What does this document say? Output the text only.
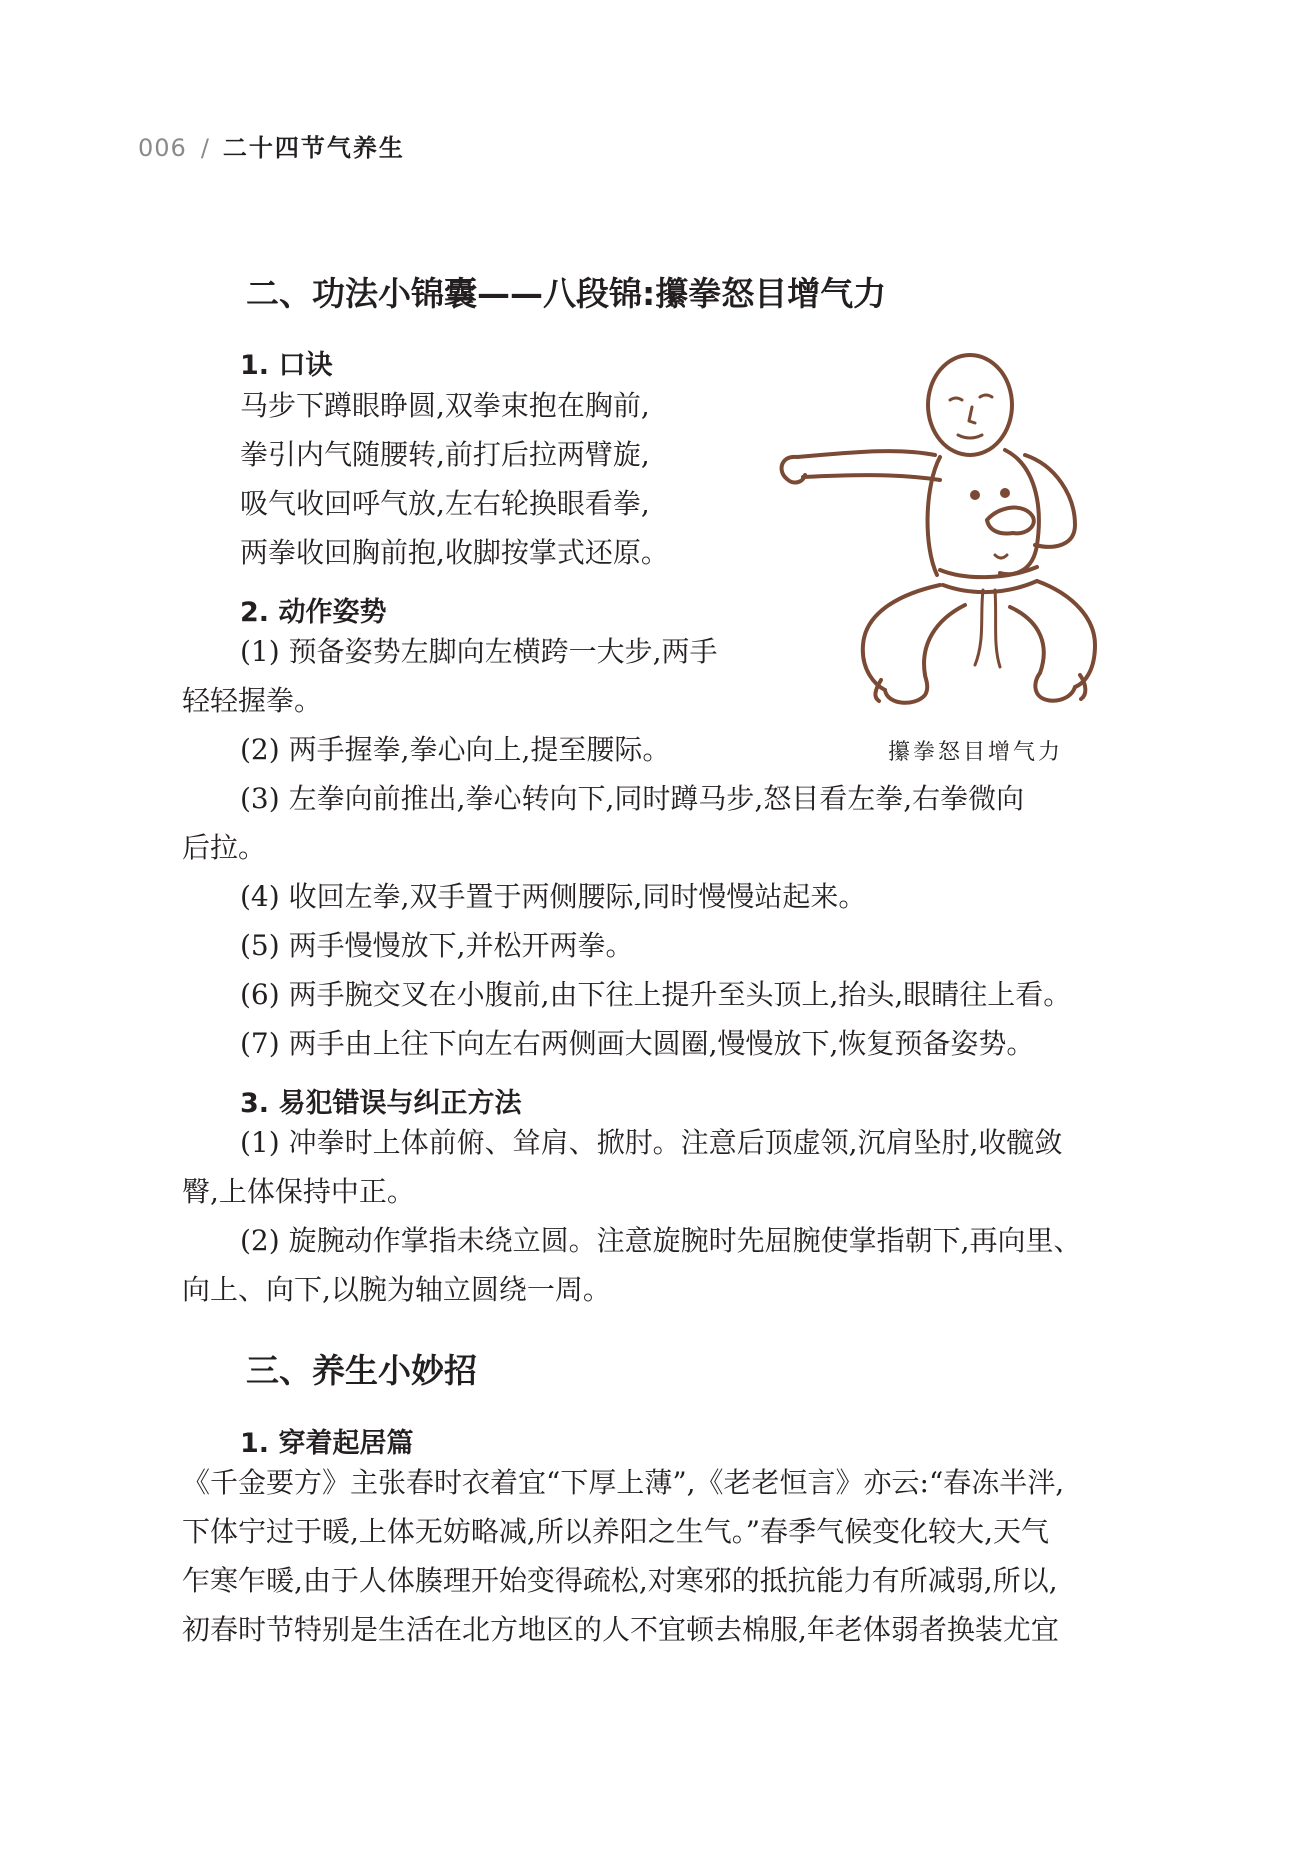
006 / 二十四节气养生
二、功法小锦囊——八段锦:攥拳怒目增气力
1. 口诀
马步下蹲眼睁圆,双拳束抱在胸前,
拳引内气随腰转,前打后拉两臂旋,
吸气收回呼气放,左右轮换眼看拳,
两拳收回胸前抱,收脚按掌式还原。
2. 动作姿势
(1) 预备姿势左脚向左横跨一大步,两手
轻轻握拳。
(2) 两手握拳,拳心向上,提至腰际。
(3) 左拳向前推出,拳心转向下,同时蹲马步,怒目看左拳,右拳微向
后拉。
(4) 收回左拳,双手置于两侧腰际,同时慢慢站起来。
(5) 两手慢慢放下,并松开两拳。
(6) 两手腕交叉在小腹前,由下往上提升至头顶上,抬头,眼睛往上看。
(7) 两手由上往下向左右两侧画大圆圈,慢慢放下,恢复预备姿势。
3. 易犯错误与纠正方法
(1) 冲拳时上体前俯、耸肩、掀肘。注意后顶虚领,沉肩坠肘,收髋敛
臀,上体保持中正。
(2) 旋腕动作掌指未绕立圆。注意旋腕时先屈腕使掌指朝下,再向里、
向上、向下,以腕为轴立圆绕一周。
三、养生小妙招
1. 穿着起居篇
《千金要方》主张春时衣着宜“下厚上薄”,《老老恒言》亦云:“春冻半泮,
下体宁过于暖,上体无妨略减,所以养阳之生气。”春季气候变化较大,天气
乍寒乍暖,由于人体腠理开始变得疏松,对寒邪的抵抗能力有所减弱,所以,
初春时节特别是生活在北方地区的人不宜顿去棉服,年老体弱者换装尤宜
攥拳怒目增气力
